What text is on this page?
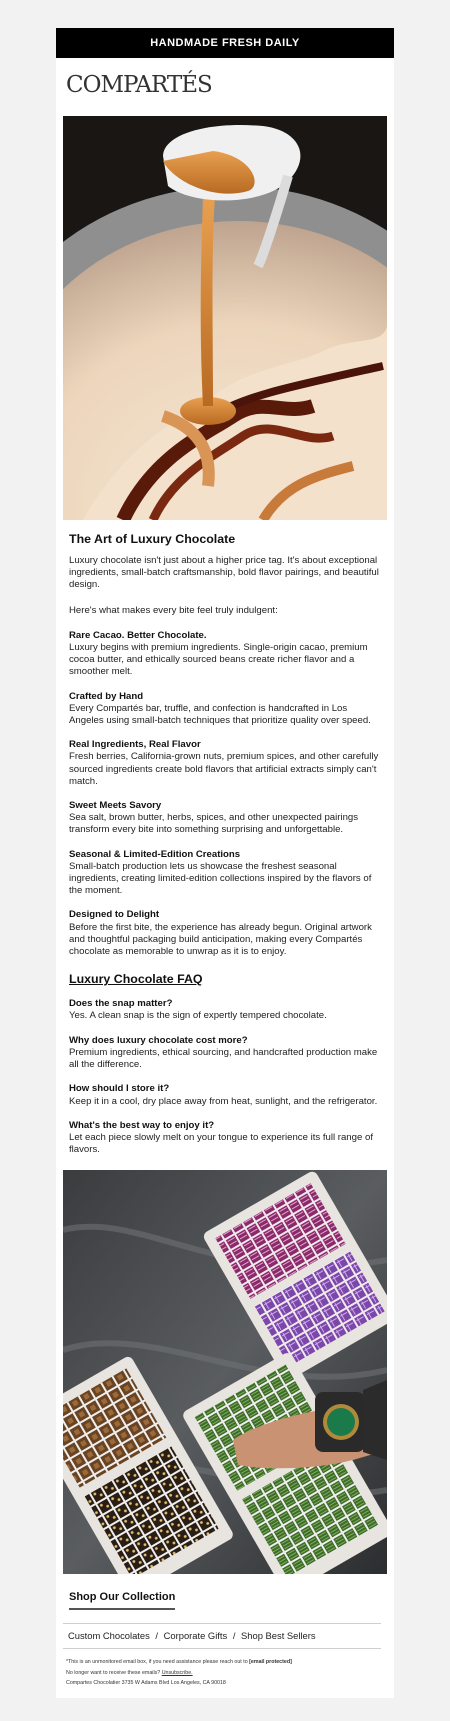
HANDMADE FRESH DAILY
COMPARTÉS
The Art of Luxury Chocolate

Luxury chocolate isn't just about a higher price tag. It's about exceptional ingredients, small-batch craftsmanship, bold flavor pairings, and beautiful design.

Here's what makes every bite feel truly indulgent:

Rare Cacao. Better Chocolate.
Luxury begins with premium ingredients. Single-origin cacao, premium cocoa butter, and ethically sourced beans create richer flavor and a smoother melt.
Crafted by Hand
Every Compartés bar, truffle, and confection is handcrafted in Los Angeles using small-batch techniques that prioritize quality over speed.
Real Ingredients, Real Flavor
Fresh berries, California-grown nuts, premium spices, and other carefully sourced ingredients create bold flavors that artificial extracts simply can't match.
Sweet Meets Savory
Sea salt, brown butter, herbs, spices, and other unexpected pairings transform every bite into something surprising and unforgettable.
Seasonal & Limited-Edition Creations
Small-batch production lets us showcase the freshest seasonal ingredients, creating limited-edition collections inspired by the flavors of the moment.
Designed to Delight
Before the first bite, the experience has already begun. Original artwork and thoughtful packaging build anticipation, making every Compartés chocolate as memorable to unwrap as it is to enjoy.
Luxury Chocolate FAQ
Does the snap matter?
Yes. A clean snap is the sign of expertly tempered chocolate.
Why does luxury chocolate cost more?
Premium ingredients, ethical sourcing, and handcrafted production make all the difference.
How should I store it?
Keep it in a cool, dry place away from heat, sunlight, and the refrigerator.
What's the best way to enjoy it?
Let each piece slowly melt on your tongue to experience its full range of flavors.
Shop Our Collection
Custom Chocolates / Corporate Gifts / Shop Best Sellers
*This is an unmonitored email box, if you need assistance please reach out to [email protected]
No longer want to receive these emails? Unsubscribe.
Compartes Chocolatier 3735 W Adams Blvd Los Angeles, CA 90018
